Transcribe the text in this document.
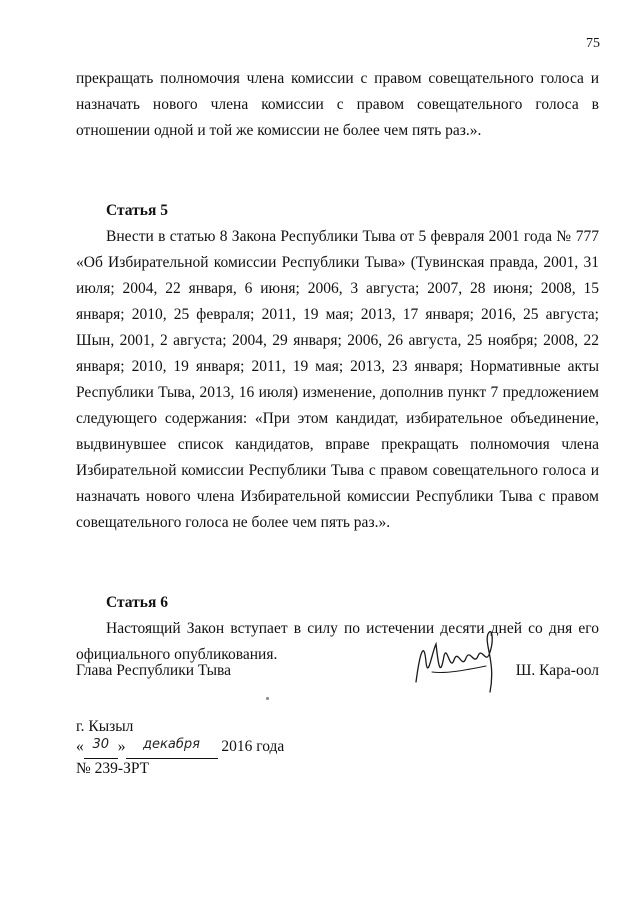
75

прекращать полномочия члена комиссии с правом совещательного голоса и назначать нового члена комиссии с правом совещательного голоса в отношении одной и той же комиссии не более чем пять раз.».

Статья 5

Внести в статью 8 Закона Республики Тыва от 5 февраля 2001 года № 777 «Об Избирательной комиссии Республики Тыва» (Тувинская правда, 2001, 31 июля; 2004, 22 января, 6 июня; 2006, 3 августа; 2007, 28 июня; 2008, 15 января; 2010, 25 февраля; 2011, 19 мая; 2013, 17 января; 2016, 25 августа; Шын, 2001, 2 августа; 2004, 29 января; 2006, 26 августа, 25 ноября; 2008, 22 января; 2010, 19 января; 2011, 19 мая; 2013, 23 января; Нормативные акты Республики Тыва, 2013, 16 июля) изменение, дополнив пункт 7 предложением следующего содержания: «При этом кандидат, избирательное объединение, выдвинувшее список кандидатов, вправе прекращать полномочия члена Избирательной комиссии Республики Тыва с правом совещательного голоса и назначать нового члена Избирательной комиссии Республики Тыва с правом совещательного голоса не более чем пять раз.».

Статья 6

Настоящий Закон вступает в силу по истечении десяти дней со дня его официального опубликования.

Глава Республики Тыва	Ш. Кара-оол
г. Кызыл
« 30 » декабря 2016 года
№ 239-ЗРТ
